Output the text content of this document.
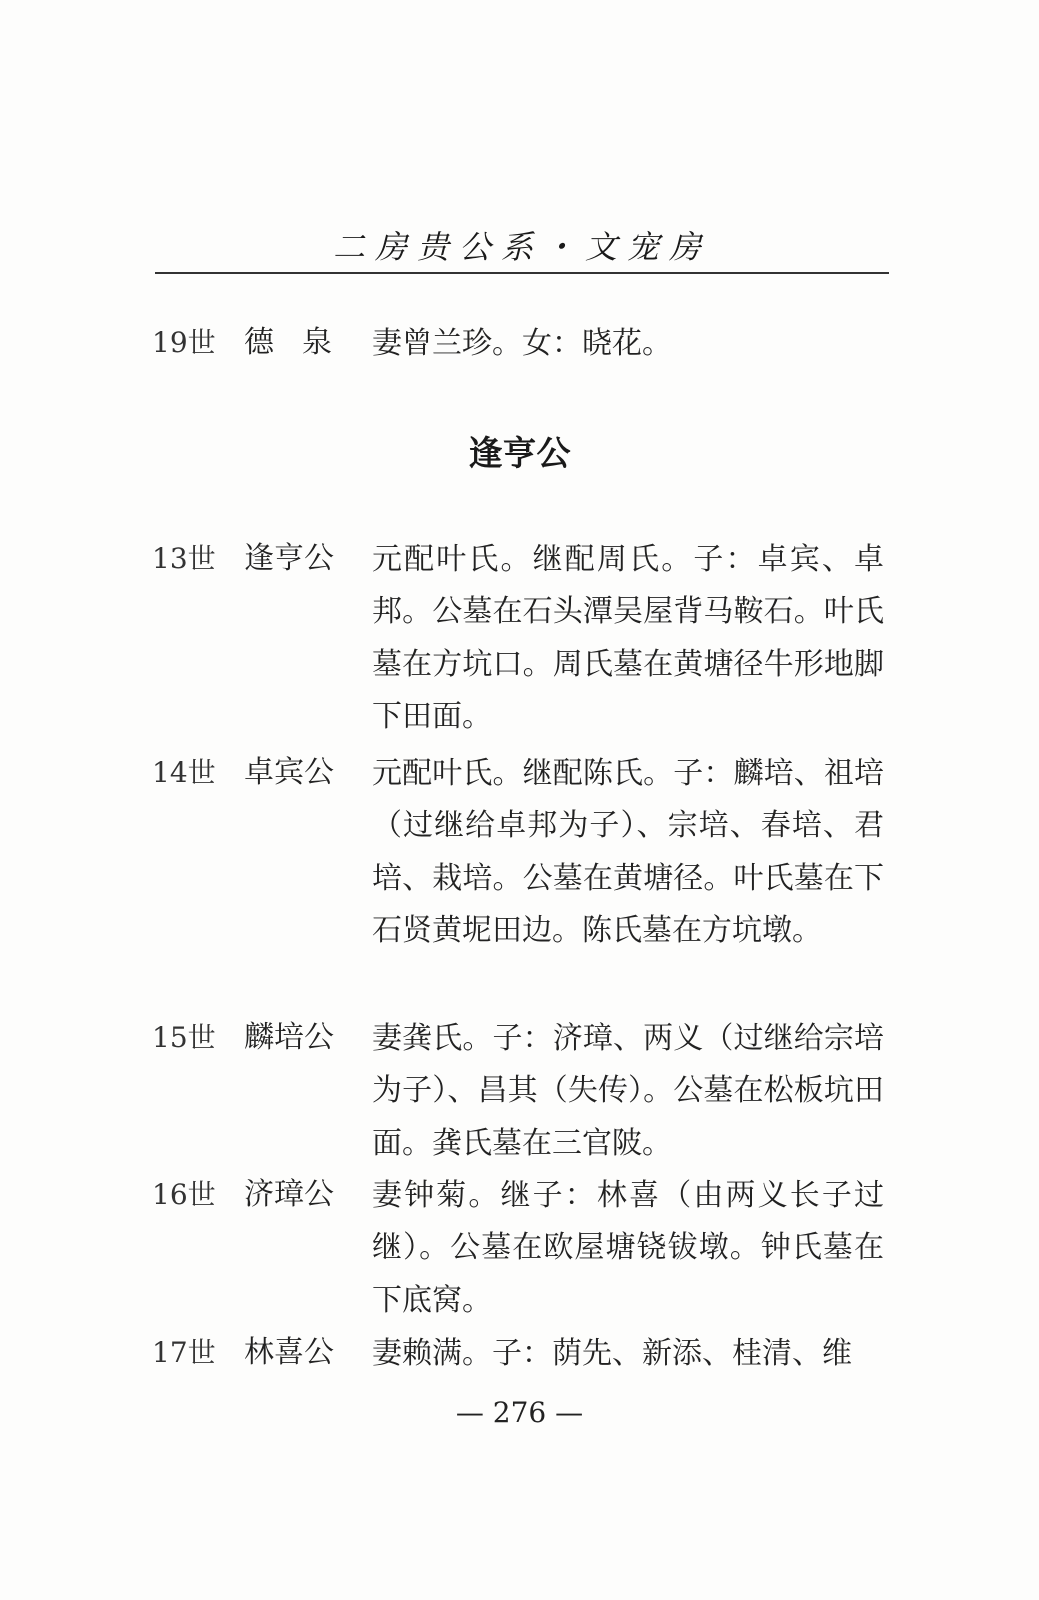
二房贵公系・文宠房
19世 德泉 妻曾兰珍。女：晓花。
逢亨公
13世 逢亨公 元配叶氏。继配周氏。子：卓宾、卓邦。公墓在石头潭吴屋背马鞍石。叶氏墓在方坑口。周氏墓在黄塘径牛形地脚下田面。
14世 卓宾公 元配叶氏。继配陈氏。子：麟培、祖培（过继给卓邦为子）、宗培、春培、君培、栽培。公墓在黄塘径。叶氏墓在下石贤黄坭田边。陈氏墓在方坑墩。
15世 麟培公 妻龚氏。子：济璋、两义（过继给宗培为子）、昌其（失传）。公墓在松板坑田面。龚氏墓在三官陂。
16世 济璋公 妻钟菊。继子：林喜（由两义长子过继）。公墓在欧屋塘铙钹墩。钟氏墓在下底窝。
17世 林喜公 妻赖满。子：荫先、新添、桂清、维
— 276 —
